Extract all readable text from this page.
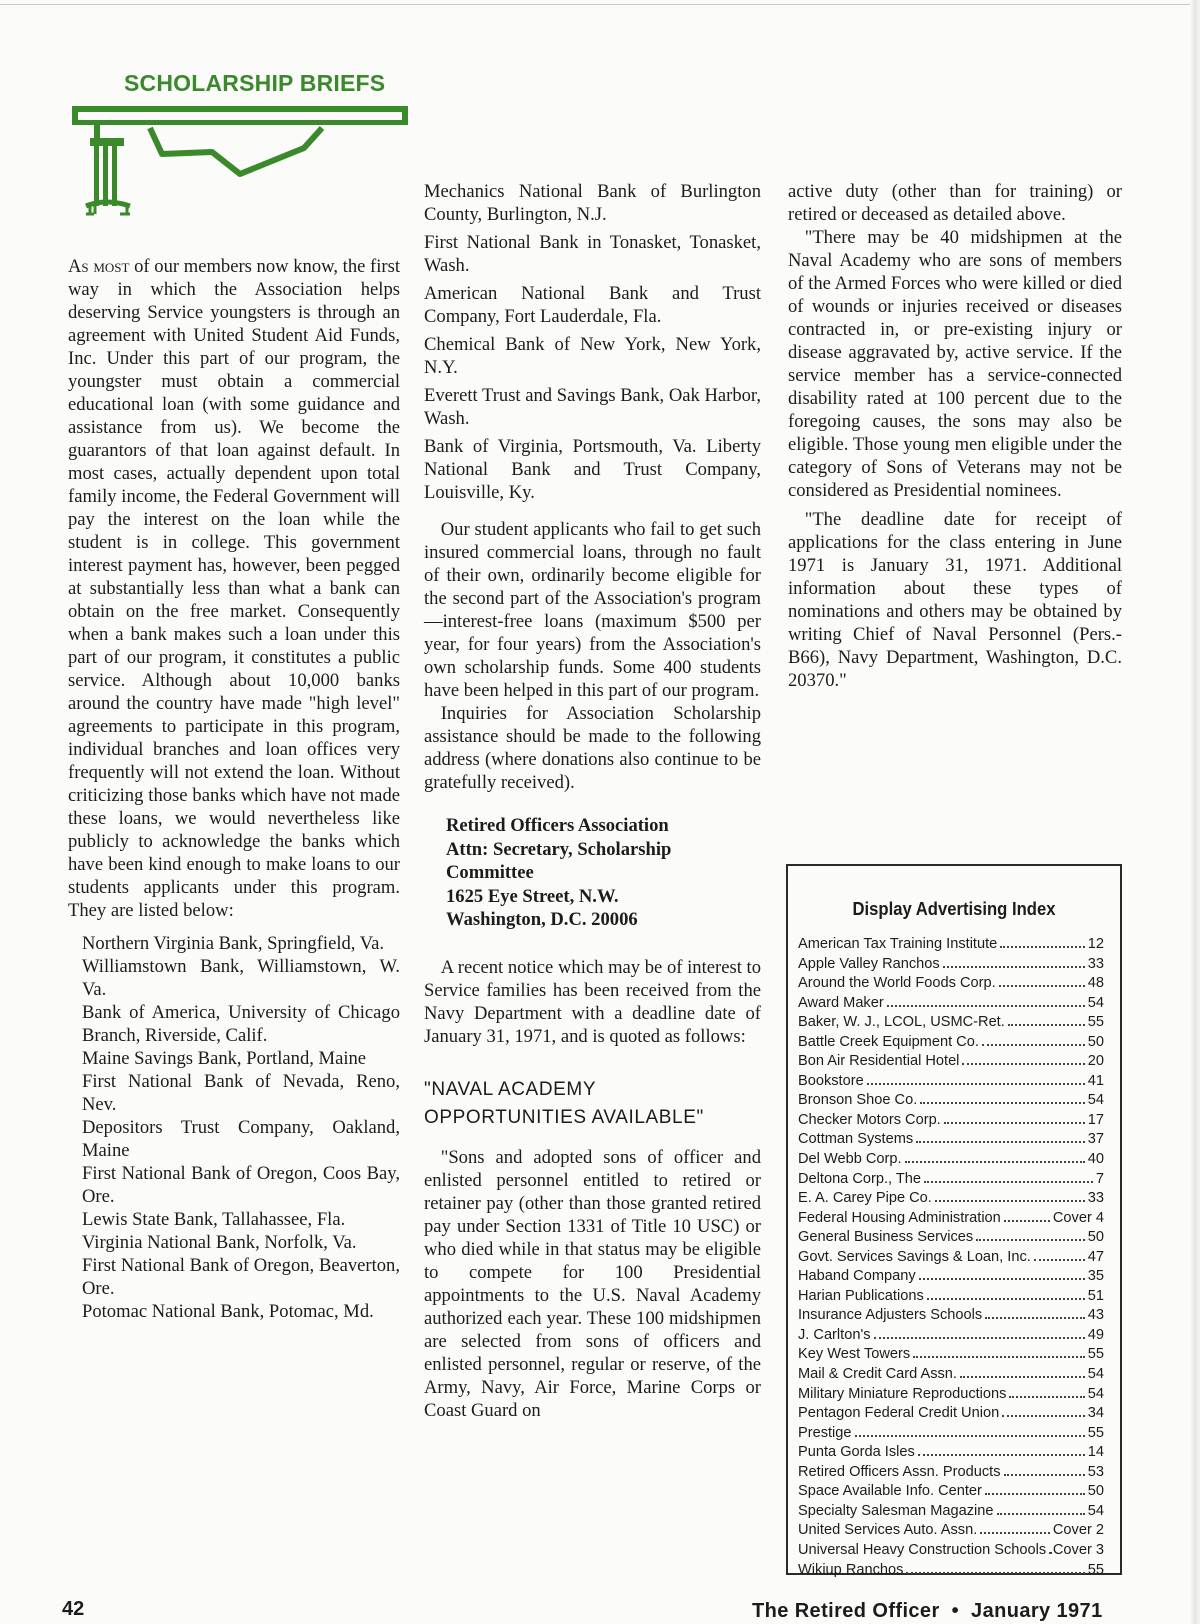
SCHOLARSHIP BRIEFS

As most of our members now know, the first way in which the Association helps deserving Service youngsters is through an agreement with United Student Aid Funds, Inc. Under this part of our program, the youngster must obtain a commercial educational loan (with some guidance and assistance from us). We become the guarantors of that loan against default. In most cases, actually dependent upon total family income, the Federal Government will pay the interest on the loan while the student is in college. This government interest payment has, however, been pegged at substantially less than what a bank can obtain on the free market. Consequently when a bank makes such a loan under this part of our program, it constitutes a public service. Although about 10,000 banks around the country have made "high level" agreements to participate in this program, individual branches and loan offices very frequently will not extend the loan. Without criticizing those banks which have not made these loans, we would nevertheless like publicly to acknowledge the banks which have been kind enough to make loans to our students applicants under this program. They are listed below:

Northern Virginia Bank, Springfield, Va.

Williamstown Bank, Williamstown, W. Va.

Bank of America, University of Chicago Branch, Riverside, Calif.

Maine Savings Bank, Portland, Maine

First National Bank of Nevada, Reno, Nev.

Depositors Trust Company, Oakland, Maine

First National Bank of Oregon, Coos Bay, Ore.

Lewis State Bank, Tallahassee, Fla.

Virginia National Bank, Norfolk, Va.

First National Bank of Oregon, Beaverton, Ore.

Potomac National Bank, Potomac, Md.

Mechanics National Bank of Burlington County, Burlington, N.J.

First National Bank in Tonasket, Tonasket, Wash.

American National Bank and Trust Company, Fort Lauderdale, Fla.

Chemical Bank of New York, New York, N.Y.

Everett Trust and Savings Bank, Oak Harbor, Wash.

Bank of Virginia, Portsmouth, Va. Liberty National Bank and Trust Company, Louisville, Ky.

Our student applicants who fail to get such insured commercial loans, through no fault of their own, ordinarily become eligible for the second part of the Association's program—interest-free loans (maximum $500 per year, for four years) from the Association's own scholarship funds. Some 400 students have been helped in this part of our program.

Inquiries for Association Scholarship assistance should be made to the following address (where donations also continue to be gratefully received).

Retired Officers Association
Attn: Secretary, Scholarship Committee
1625 Eye Street, N.W.
Washington, D.C. 20006

A recent notice which may be of interest to Service families has been received from the Navy Department with a deadline date of January 31, 1971, and is quoted as follows:

"NAVAL ACADEMY OPPORTUNITIES AVAILABLE"

"Sons and adopted sons of officer and enlisted personnel entitled to retired or retainer pay (other than those granted retired pay under Section 1331 of Title 10 USC) or who died while in that status may be eligible to compete for 100 Presidential appointments to the U.S. Naval Academy authorized each year. These 100 midshipmen are selected from sons of officers and enlisted personnel, regular or reserve, of the Army, Navy, Air Force, Marine Corps or Coast Guard on

active duty (other than for training) or retired or deceased as detailed above.

"There may be 40 midshipmen at the Naval Academy who are sons of members of the Armed Forces who were killed or died of wounds or injuries received or diseases contracted in, or pre-existing injury or disease aggravated by, active service. If the service member has a service-connected disability rated at 100 percent due to the foregoing causes, the sons may also be eligible. Those young men eligible under the category of Sons of Veterans may not be considered as Presidential nominees.

"The deadline date for receipt of applications for the class entering in June 1971 is January 31, 1971. Additional information about these types of nominations and others may be obtained by writing Chief of Naval Personnel (Pers.-B66), Navy Department, Washington, D.C. 20370."

Display Advertising Index
American Tax Training Institute	12
Apple Valley Ranchos	33
Around the World Foods Corp.	48
Award Maker	54
Baker, W. J., LCOL, USMC-Ret.	55
Battle Creek Equipment Co.	50
Bon Air Residential Hotel	20
Bookstore	41
Bronson Shoe Co.	54
Checker Motors Corp.	17
Cottman Systems	37
Del Webb Corp.	40
Deltona Corp., The	7
E. A. Carey Pipe Co.	33
Federal Housing Administration	Cover 4
General Business Services	50
Govt. Services Savings & Loan, Inc.	47
Haband Company	35
Harian Publications	51
Insurance Adjusters Schools	43
J. Carlton's	49
Key West Towers	55
Mail & Credit Card Assn.	54
Military Miniature Reproductions	54
Pentagon Federal Credit Union	34
Prestige	55
Punta Gorda Isles	14
Retired Officers Assn. Products	53
Space Available Info. Center	50
Specialty Salesman Magazine	54
United Services Auto. Assn.	Cover 2
Universal Heavy Construction Schools Cover 3
Wikiup Ranchos	55
42	The Retired Officer • January 1971
